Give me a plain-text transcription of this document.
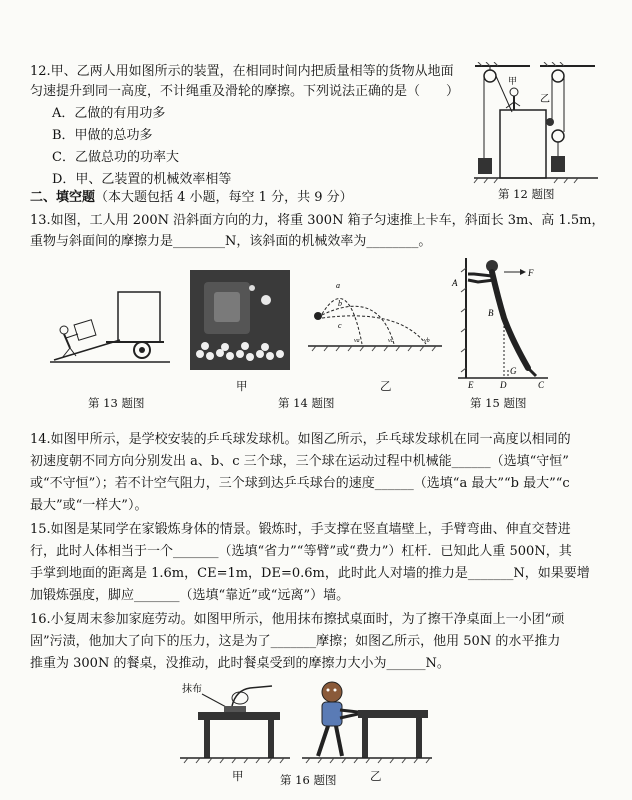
12.甲、乙两人用如图所示的装置，在相同时间内把质量相等的货物从地面
匀速提升到同一高度，不计绳重及滑轮的摩擦。下列说法正确的是（　　）
A．乙做的有用功多
B．甲做的总功多
C．乙做总功的功率大
D．甲、乙装置的机械效率相等
甲
乙
第 12 题图
二、填空题（本大题包括 4 小题，每空 1 分，共 9 分）
13.如图，工人用 200N 沿斜面方向的力，将重 300N 箱子匀速推上卡车，斜面长 3m、高 1.5m，
重物与斜面间的摩擦力是________N，该斜面的机械效率为________。
第 13 题图
甲
a
b
c
va	vc	vb
乙
第 14 题图
F
A
B
G
E	D	C
第 15 题图
14.如图甲所示，是学校安装的乒乓球发球机。如图乙所示，乒乓球发球机在同一高度以相同的
初速度朝不同方向分别发出 a、b、c 三个球，三个球在运动过程中机械能______（选填“守恒”
或“不守恒”）；若不计空气阻力，三个球到达乒乓球台的速度______（选填“a 最大”“b 最大”“c
最大”或“一样大”）。
15.如图是某同学在家锻炼身体的情景。锻炼时，手支撑在竖直墙壁上，手臂弯曲、伸直交替进
行，此时人体相当于一个_______（选填“省力”“等臂”或“费力”）杠杆．已知此人重 500N，其
手掌到地面的距离是 1.6m，CE=1m，DE=0.6m，此时此人对墙的推力是_______N，如果要增
加锻炼强度，脚应_______（选填“靠近”或“远离”）墙。
16.小复周末参加家庭劳动。如图甲所示，他用抹布擦拭桌面时，为了擦干净桌面上一小团“顽
固”污渍，他加大了向下的压力，这是为了_______摩擦；如图乙所示，他用 50N 的水平推力
推重为 300N 的餐桌，没推动，此时餐桌受到的摩擦力大小为______N。
抹布
甲	乙
第 16 题图
